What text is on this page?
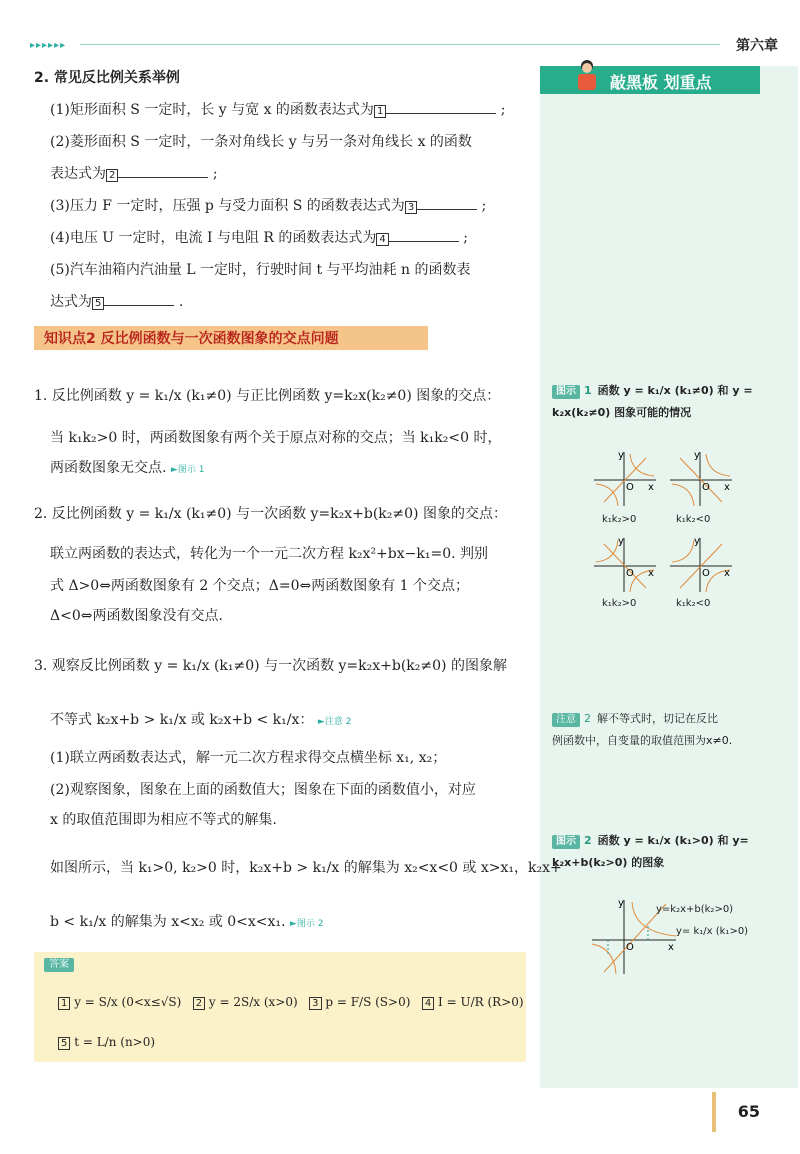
▸▸▸▸▸▸	第六章
敲黑板 划重点
图示 1 函数 y = k₁/x (k₁≠0) 和 y =
k₂x(k₂≠0) 图象可能的情况
O
y
x
k₁k₂>0
O
y
x
k₁k₂<0
O
y
x
k₁k₂>0
O
y
x
k₁k₂<0
注意 2 解不等式时，切记在反比
例函数中，自变量的取值范围为x≠0.
图示 2 函数 y = k₁/x (k₁>0) 和 y=
k₂x+b(k₂>0) 的图象
O
y
x
y=k₂x+b(k₂>0)
y= k₁/x (k₁>0)
2. 常见反比例关系举例
(1)矩形面积 S 一定时，长 y 与宽 x 的函数表达式为 1	;
(2)菱形面积 S 一定时，一条对角线长 y 与另一条对角线长 x 的函数
表达式为 2	;
(3)压力 F 一定时，压强 p 与受力面积 S 的函数表达式为 3	;
(4)电压 U 一定时，电流 I 与电阻 R 的函数表达式为 4	;
(5)汽车油箱内汽油量 L 一定时，行驶时间 t 与平均油耗 n 的函数表
达式为 5	.
知识点2 反比例函数与一次函数图象的交点问题
1. 反比例函数 y = k₁/x (k₁≠0) 与正比例函数 y=k₂x(k₂≠0) 图象的交点：
当 k₁k₂>0 时，两函数图象有两个关于原点对称的交点；当 k₁k₂<0 时，
两函数图象无交点. ►图示 1
2. 反比例函数 y = k₁/x (k₁≠0) 与一次函数 y=k₂x+b(k₂≠0) 图象的交点：
联立两函数的表达式，转化为一个一元二次方程 k₂x²+bx−k₁=0. 判别
式 Δ>0⇔两函数图象有 2 个交点；Δ=0⇔两函数图象有 1 个交点；
Δ<0⇔两函数图象没有交点.
3. 观察反比例函数 y = k₁/x (k₁≠0) 与一次函数 y=k₂x+b(k₂≠0) 的图象解
不等式 k₂x+b > k₁/x 或 k₂x+b < k₁/x： ►注意 2
(1)联立两函数表达式，解一元二次方程求得交点横坐标 x₁, x₂；
(2)观察图象，图象在上面的函数值大；图象在下面的函数值小，对应
x 的取值范围即为相应不等式的解集.
如图所示，当 k₁>0, k₂>0 时，k₂x+b > k₁/x 的解集为 x₂<x<0 或 x>x₁，k₂x+
b < k₁/x 的解集为 x<x₂ 或 0<x<x₁. ►图示 2
答案
1 y = S/x (0<x≤√S) 2 y = 2S/x (x>0) 3 p = F/S (S>0) 4 I = U/R (R>0)
5 t = L/n (n>0)
65
